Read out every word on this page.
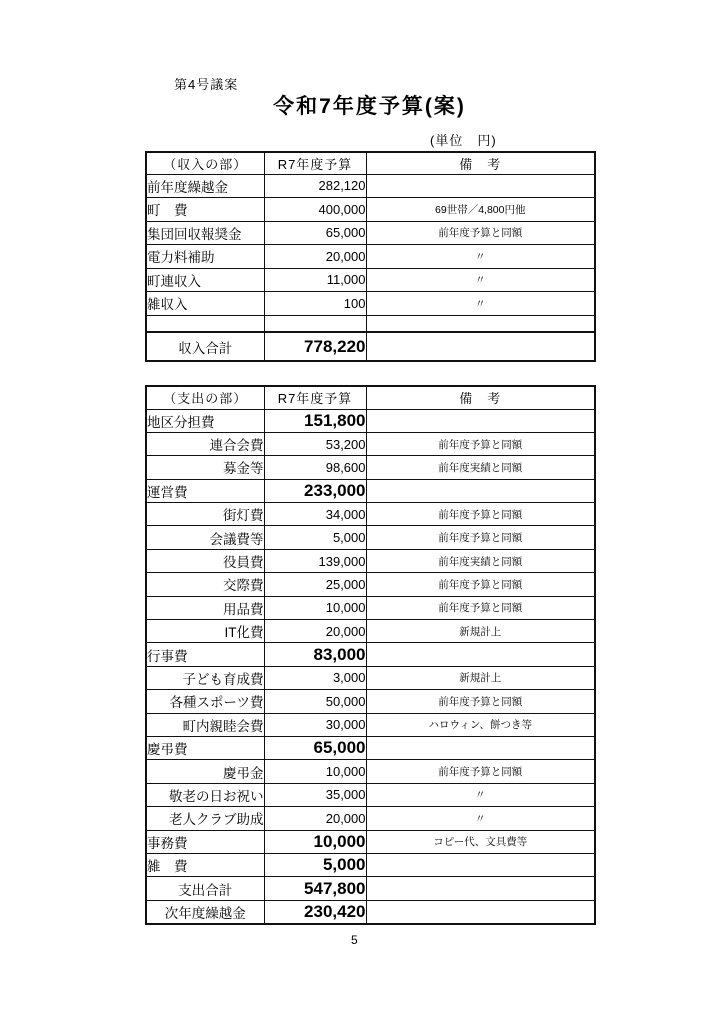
第4号議案
令和7年度予算(案)
(単位　円)
（収入の部）	R7年度予算	備　考
前年度繰越金	282,120	
町　費	400,000	69世帯／4,800円他
集団回収報奨金	65,000	前年度予算と同額
電力料補助	20,000	〃
町連収入	11,000	〃
雑収入	100	〃

収入合計	778,220	
（支出の部）	R7年度予算	備　考
地区分担費	151,800	
連合会費	53,200	前年度予算と同額
募金等	98,600	前年度実績と同額
運営費	233,000	
街灯費	34,000	前年度予算と同額
会議費等	5,000	前年度予算と同額
役員費	139,000	前年度実績と同額
交際費	25,000	前年度予算と同額
用品費	10,000	前年度予算と同額
IT化費	20,000	新規計上
行事費	83,000	
子ども育成費	3,000	新規計上
各種スポーツ費	50,000	前年度予算と同額
町内親睦会費	30,000	ハロウィン、餅つき等
慶弔費	65,000	
慶弔金	10,000	前年度予算と同額
敬老の日お祝い	35,000	〃
老人クラブ助成	20,000	〃
事務費	10,000	コピー代、文具費等
雑　費	5,000	
支出合計	547,800	
次年度繰越金	230,420	
5
